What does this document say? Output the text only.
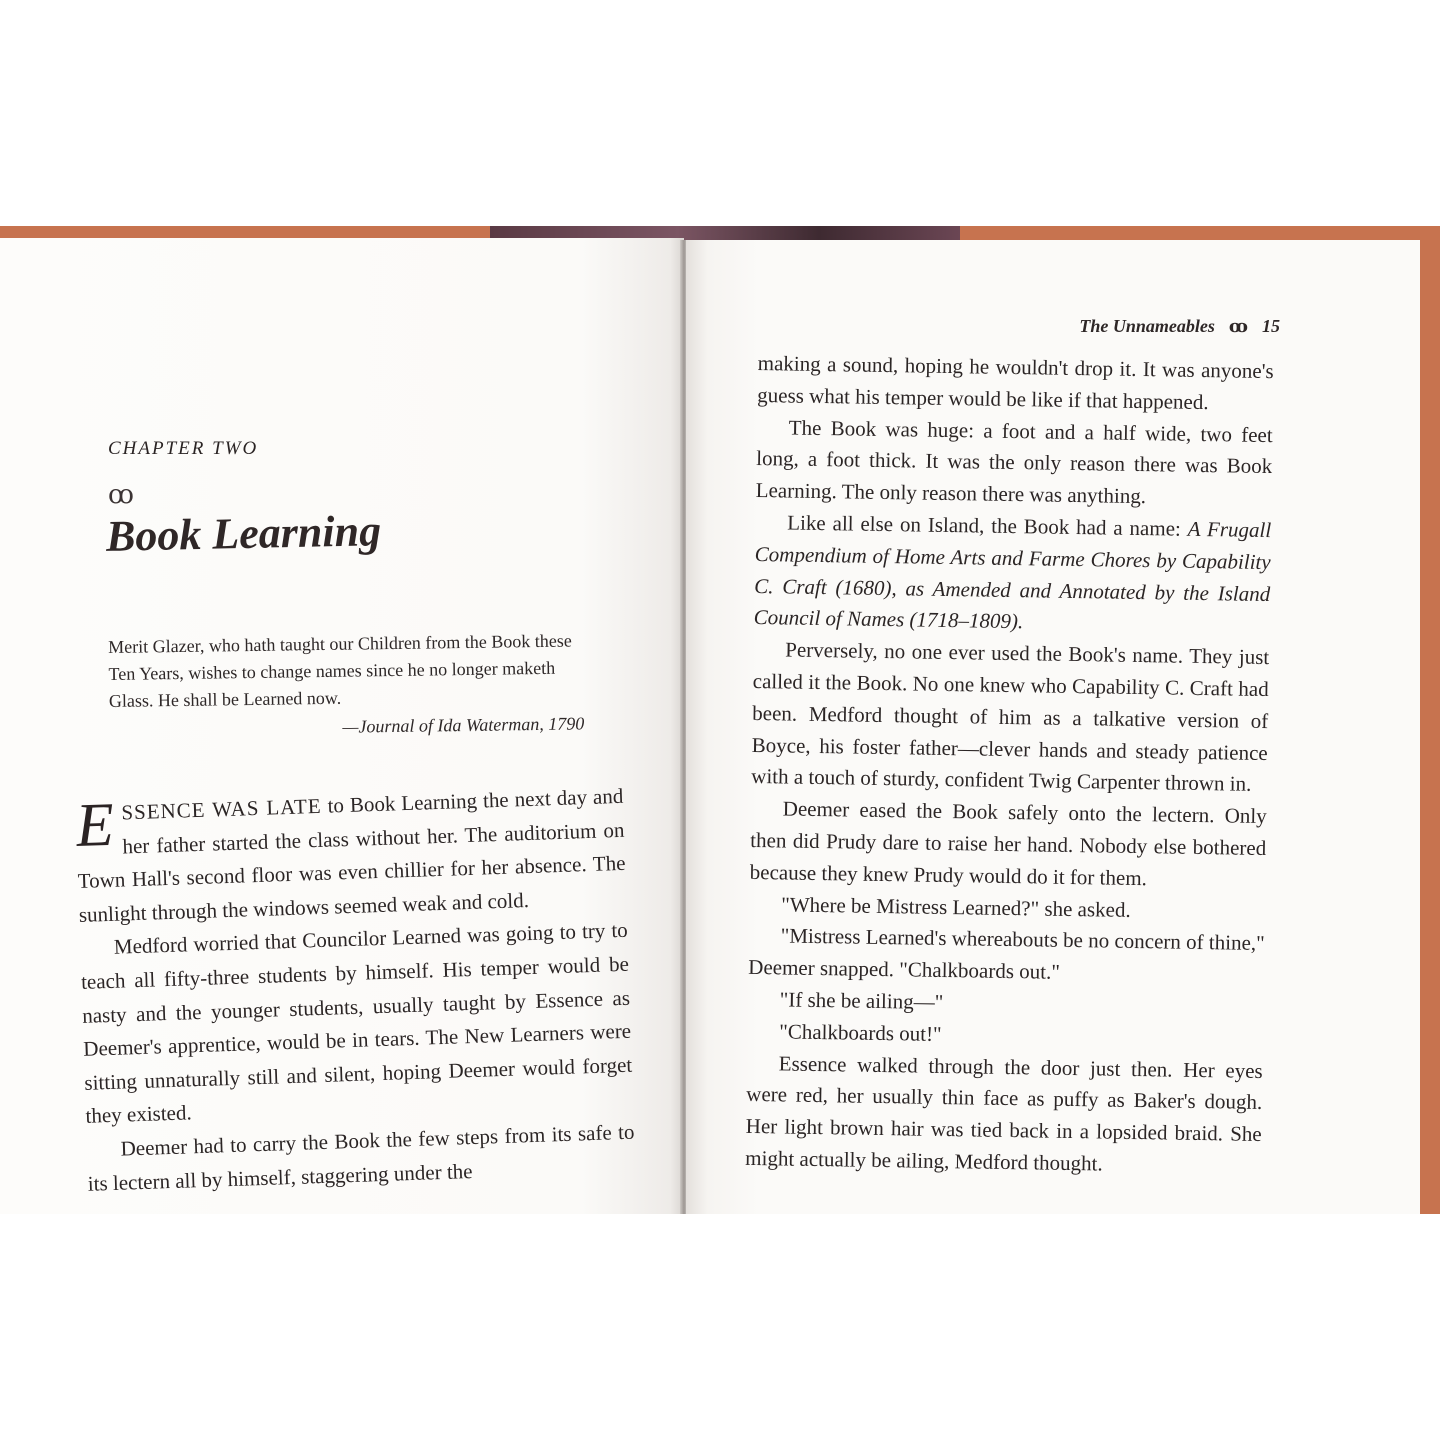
CHAPTER TWO
ꝏ
Book Learning

Merit Glazer, who hath taught our Children from the Book these Ten Years, wishes to change names since he no longer maketh Glass. He shall be Learned now.

—Journal of Ida Waterman, 1790

ESSENCE WAS LATE to Book Learning the next day and her father started the class without her. The auditorium on Town Hall's second floor was even chillier for her absence. The sunlight through the windows seemed weak and cold.

Medford worried that Councilor Learned was going to try to teach all fifty-three students by himself. His temper would be nasty and the younger students, usually taught by Essence as Deemer's apprentice, would be in tears. The New Learners were sitting unnaturally still and silent, hoping Deemer would forget they existed.

Deemer had to carry the Book the few steps from its safe to its lectern all by himself, staggering under the

The Unnameables ꝏ 15

making a sound, hoping he wouldn't drop it. It was anyone's guess what his temper would be like if that happened.

The Book was huge: a foot and a half wide, two feet long, a foot thick. It was the only reason there was Book Learning. The only reason there was anything.

Like all else on Island, the Book had a name: A Frugall Compendium of Home Arts and Farme Chores by Capability C. Craft (1680), as Amended and Annotated by the Island Council of Names (1718–1809).

Perversely, no one ever used the Book's name. They just called it the Book. No one knew who Capability C. Craft had been. Medford thought of him as a talkative version of Boyce, his foster father—clever hands and steady patience with a touch of sturdy, confident Twig Carpenter thrown in.

Deemer eased the Book safely onto the lectern. Only then did Prudy dare to raise her hand. Nobody else bothered because they knew Prudy would do it for them.

"Where be Mistress Learned?" she asked.

"Mistress Learned's whereabouts be no concern of thine," Deemer snapped. "Chalkboards out."

"If she be ailing—"

"Chalkboards out!"

Essence walked through the door just then. Her eyes were red, her usually thin face as puffy as Baker's dough. Her light brown hair was tied back in a lopsided braid. She might actually be ailing, Medford thought.
